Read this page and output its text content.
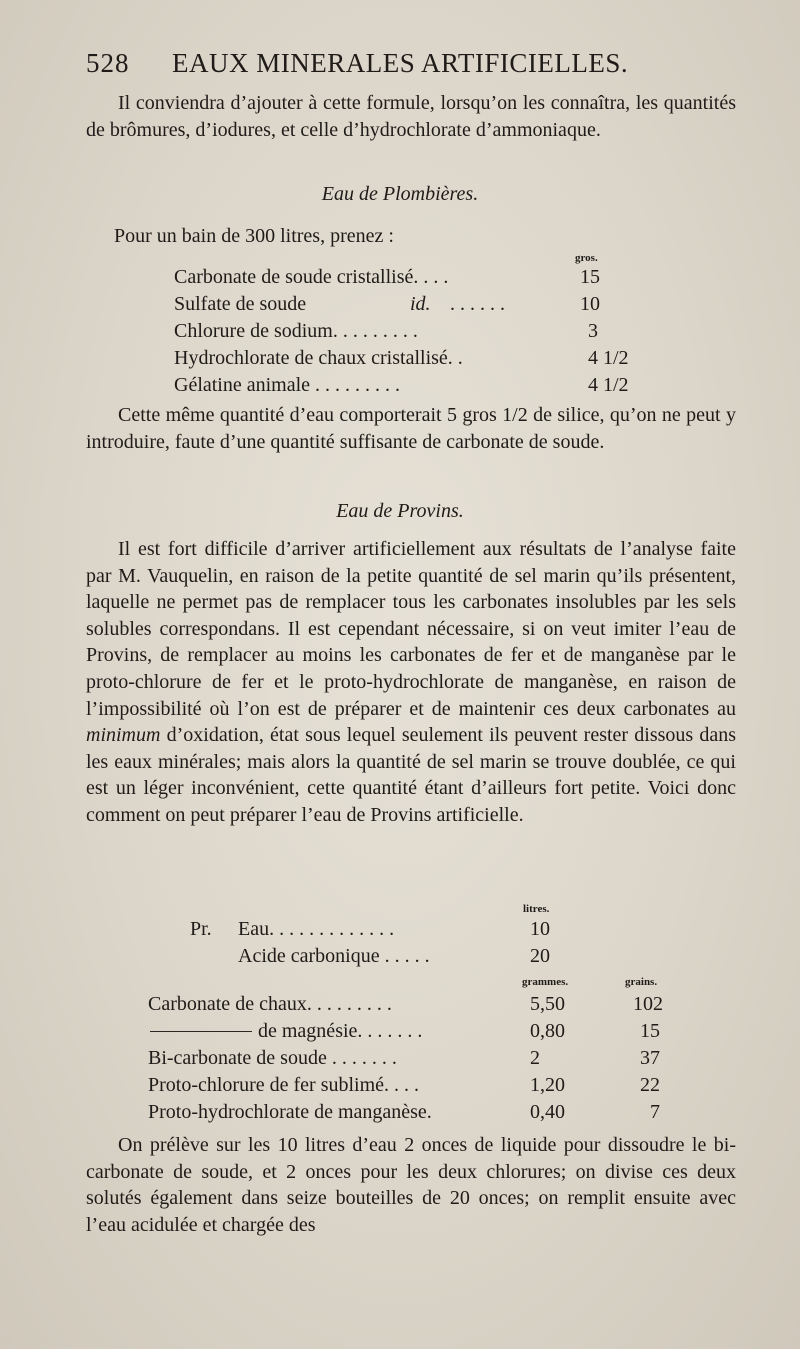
528 EAUX MINERALES ARTIFICIELLES.

Il conviendra d’ajouter à cette formule, lorsqu’on les connaîtra, les quantités de brômures, d’iodures, et celle d’hydrochlorate d’ammoniaque.

Eau de Plombières.
Pour un bain de 300 litres, prenez :
gros.
Carbonate de soude cristallisé. . . .	15
Sulfate de soude	id. . . . . . .	10
Chlorure de sodium. . . . . . . . .	3
Hydrochlorate de chaux cristallisé. .	4 1/2
Gélatine animale . . . . . . . . .	4 1/2

Cette même quantité d’eau comporterait 5 gros 1/2 de silice, qu’on ne peut y introduire, faute d’une quantité suffisante de carbonate de soude.

Eau de Provins.

Il est fort difficile d’arriver artificiellement aux résultats de l’analyse faite par M. Vauquelin, en raison de la petite quantité de sel marin qu’ils présentent, laquelle ne permet pas de remplacer tous les carbonates insolubles par les sels solubles correspondans. Il est cependant nécessaire, si on veut imiter l’eau de Provins, de remplacer au moins les carbonates de fer et de manganèse par le proto-chlorure de fer et le proto-hydrochlorate de manganèse, en raison de l’impossibilité où l’on est de préparer et de maintenir ces deux carbonates au minimum d’oxidation, état sous lequel seulement ils peuvent rester dissous dans les eaux minérales; mais alors la quantité de sel marin se trouve doublée, ce qui est un léger inconvénient, cette quantité étant d’ailleurs fort petite. Voici donc comment on peut préparer l’eau de Provins artificielle.

litres.
Pr. Eau. . . . . . . . . . . . .	10
Acide carbonique . . . . .	20
grammes.	grains.
Carbonate de chaux. . . . . . . . .	5,50	102
de magnésie. . . . . . .	0,80	15
Bi-carbonate de soude . . . . . . .	2	37
Proto-chlorure de fer sublimé. . . .	1,20	22
Proto-hydrochlorate de manganèse.	0,40	7

On prélève sur les 10 litres d’eau 2 onces de liquide pour dissoudre le bi-carbonate de soude, et 2 onces pour les deux chlorures; on divise ces deux solutés également dans seize bouteilles de 20 onces; on remplit ensuite avec l’eau acidulée et chargée des
